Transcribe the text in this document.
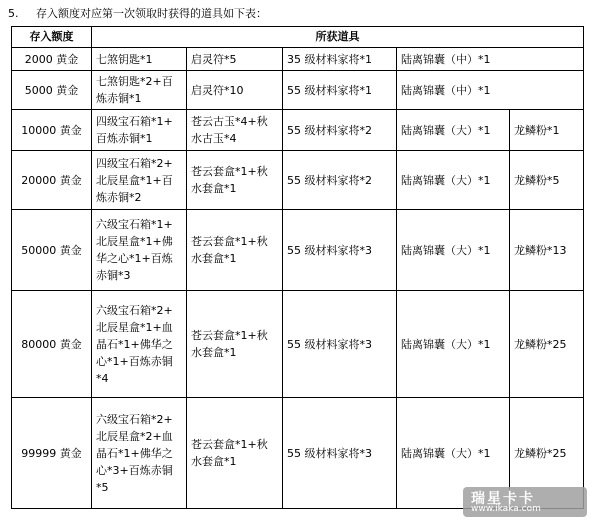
5. 存入额度对应第一次领取时获得的道具如下表：
存入额度	所获道具				
2000 黄金	七煞钥匙*1	启灵符*5	35 级材料家将*1	陆离锦囊（中）*1	

5000 黄金	七煞钥匙*2+百
炼赤铜*1	启灵符*10	55 级材料家将*1	陆离锦囊（中）*1	

10000 黄金	四级宝石箱*1+
百炼赤铜*1	苍云古玉*4+秋
水古玉*4	55 级材料家将*2	陆离锦囊（大）*1	龙鳞粉*1

20000 黄金	四级宝石箱*2+
北辰星盒*1+百
炼赤铜*2	苍云套盒*1+秋
水套盒*1	55 级材料家将*2	陆离锦囊（大）*1	龙鳞粉*5

50000 黄金	六级宝石箱*1+
北辰星盒*1+佛
华之心*1+百炼
赤铜*3	苍云套盒*1+秋
水套盒*1	55 级材料家将*3	陆离锦囊（大）*1	龙鳞粉*13

80000 黄金	六级宝石箱*2+
北辰星盒*1+血
晶石*1+佛华之
心*1+百炼赤铜
*4	苍云套盒*1+秋
水套盒*1	55 级材料家将*3	陆离锦囊（大）*1	龙鳞粉*25

99999 黄金	六级宝石箱*2+
北辰星盒*2+血
晶石*1+佛华之
心*3+百炼赤铜
*5	苍云套盒*1+秋
水套盒*1	55 级材料家将*3	陆离锦囊（大）*1	龙鳞粉*25
瑞星卡卡
www.ikaka.com
